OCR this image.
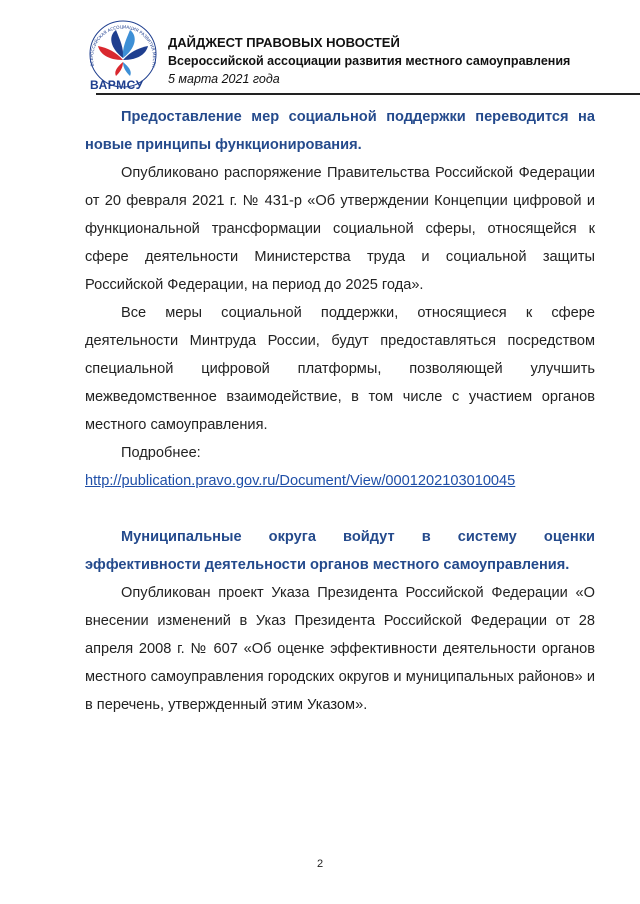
ВСЕРОССИЙСКАЯ АССОЦИАЦИЯ РАЗВИТИЯ МЕСТН
ВАРМСУ
ДАЙДЖЕСТ ПРАВОВЫХ НОВОСТЕЙ
Всероссийской ассоциации развития местного самоуправления
5 марта 2021 года

Предоставление мер социальной поддержки переводится на новые принципы функционирования.

Опубликовано распоряжение Правительства Российской Федерации от 20 февраля 2021 г. № 431-р «Об утверждении Концепции цифровой и функциональной трансформации социальной сферы, относящейся к сфере деятельности Министерства труда и социальной защиты Российской Федерации, на период до 2025 года».

Все меры социальной поддержки, относящиеся к сфере деятельности Минтруда России, будут предоставляться посредством специальной цифровой платформы, позволяющей улучшить межведомственное взаимодействие, в том числе с участием органов местного самоуправления.

Подробнее:

http://publication.pravo.gov.ru/Document/View/0001202103010045

Муниципальные округа войдут в систему оценки эффективности деятельности органов местного самоуправления.

Опубликован проект Указа Президента Российской Федерации «О внесении изменений в Указ Президента Российской Федерации от 28 апреля 2008 г. № 607 «Об оценке эффективности деятельности органов местного самоуправления городских округов и муниципальных районов» и в перечень, утвержденный этим Указом».

2
